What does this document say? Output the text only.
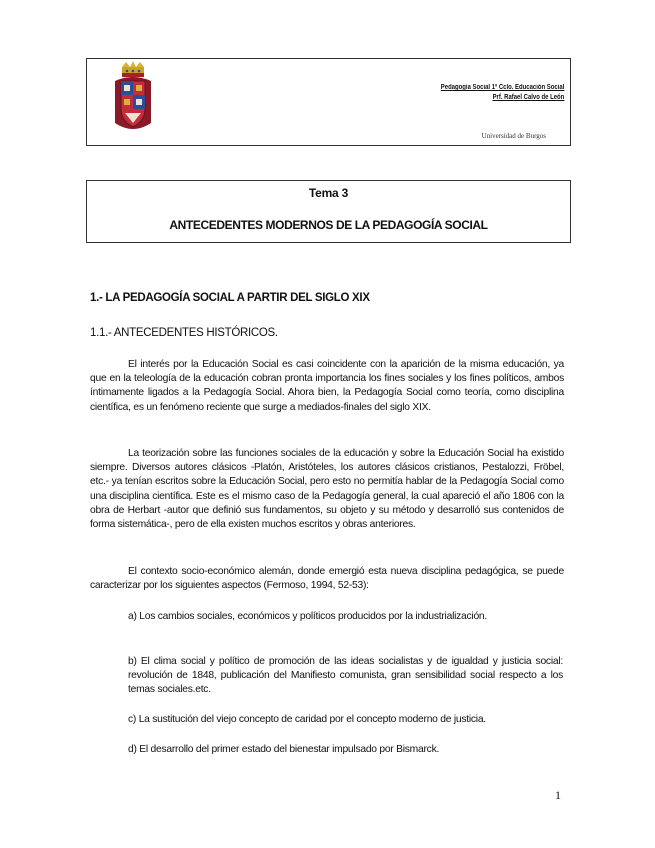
Pedagogía Social 1º Cclo. Educación Social
Prf. Rafael Calvo de León
Universidad de Burgos
Tema 3
ANTECEDENTES MODERNOS DE LA PEDAGOGÍA SOCIAL
1.- LA PEDAGOGÍA SOCIAL A PARTIR DEL SIGLO XIX
1.1.- ANTECEDENTES HISTÓRICOS.

El interés por la Educación Social es casi coincidente con la aparición de la misma educación, ya que en la teleología de la educación cobran pronta importancia los fines sociales y los fines políticos, ambos íntimamente ligados a la Pedagogía Social. Ahora bien, la Pedagogía Social como teoría, como disciplina científica, es un fenómeno reciente que surge a mediados-finales del siglo XIX.

La teorización sobre las funciones sociales de la educación y sobre la Educación Social ha existido siempre. Diversos autores clásicos -Platón, Aristóteles, los autores clásicos cristianos, Pestalozzi, Fröbel, etc.- ya tenían escritos sobre la Educación Social, pero esto no permitía hablar de la Pedagogía Social como una disciplina científica. Este es el mismo caso de la Pedagogía general, la cual apareció el año 1806 con la obra de Herbart -autor que definió sus fundamentos, su objeto y su método y desarrolló sus contenidos de forma sistemática-, pero de ella existen muchos escritos y obras anteriores.

El contexto socio-económico alemán, donde emergió esta nueva disciplina pedagógica, se puede caracterizar por los siguientes aspectos (Fermoso, 1994, 52-53):

a) Los cambios sociales, económicos y políticos producidos por la industrialización.

b) El clima social y político de promoción de las ideas socialistas y de igualdad y justicia social: revolución de 1848, publicación del Manifiesto comunista, gran sensibilidad social respecto a los temas sociales.etc.

c) La sustitución del viejo concepto de caridad por el concepto moderno de justicia.

d) El desarrollo del primer estado del bienestar impulsado por Bismarck.

1
